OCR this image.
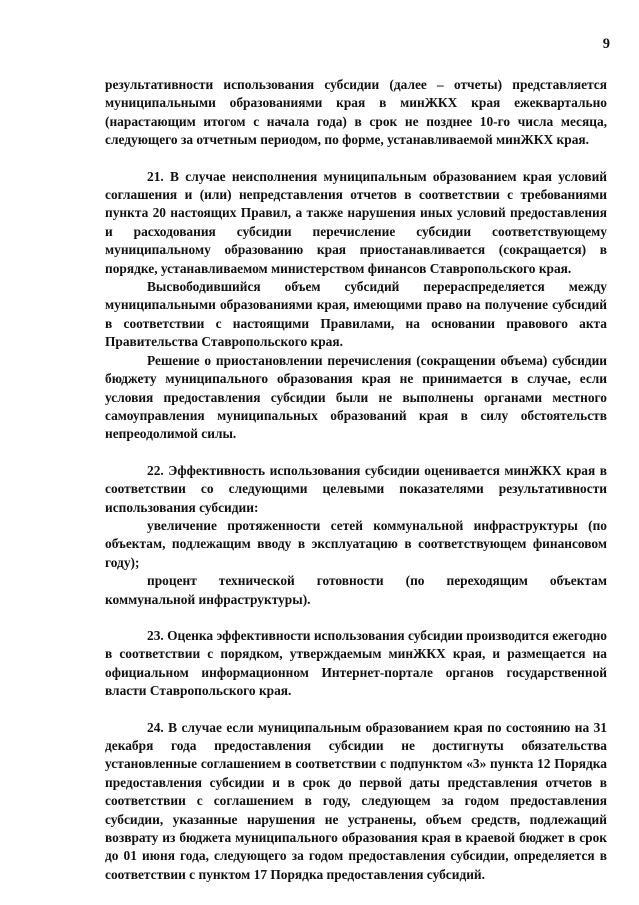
9

результативности использования субсидии (далее – отчеты) представляется муниципальными образованиями края в минЖКХ края ежеквартально (нарастающим итогом с начала года) в срок не позднее 10-го числа месяца, следующего за отчетным периодом, по форме, устанавливаемой минЖКХ края.

21. В случае неисполнения муниципальным образованием края условий соглашения и (или) непредставления отчетов в соответствии с требованиями пункта 20 настоящих Правил, а также нарушения иных условий предоставления и расходования субсидии перечисление субсидии соответствующему муниципальному образованию края приостанавливается (сокращается) в порядке, устанавливаемом министерством финансов Ставропольского края.

Высвободившийся объем субсидий перераспределяется между муниципальными образованиями края, имеющими право на получение субсидий в соответствии с настоящими Правилами, на основании правового акта Правительства Ставропольского края.

Решение о приостановлении перечисления (сокращении объема) субсидии бюджету муниципального образования края не принимается в случае, если условия предоставления субсидии были не выполнены органами местного самоуправления муниципальных образований края в силу обстоятельств непреодолимой силы.

22. Эффективность использования субсидии оценивается минЖКХ края в соответствии со следующими целевыми показателями результативности использования субсидии:

увеличение протяженности сетей коммунальной инфраструктуры (по объектам, подлежащим вводу в эксплуатацию в соответствующем финансовом году);

процент технической готовности (по переходящим объектам коммунальной инфраструктуры).

23. Оценка эффективности использования субсидии производится ежегодно в соответствии с порядком, утверждаемым минЖКХ края, и размещается на официальном информационном Интернет-портале органов государственной власти Ставропольского края.

24. В случае если муниципальным образованием края по состоянию на 31 декабря года предоставления субсидии не достигнуты обязательства установленные соглашением в соответствии с подпунктом «3» пункта 12 Порядка предоставления субсидии и в срок до первой даты представления отчетов в соответствии с соглашением в году, следующем за годом предоставления субсидии, указанные нарушения не устранены, объем средств, подлежащий возврату из бюджета муниципального образования края в краевой бюджет в срок до 01 июня года, следующего за годом предоставления субсидии, определяется в соответствии с пунктом 17 Порядка предоставления субсидий.
